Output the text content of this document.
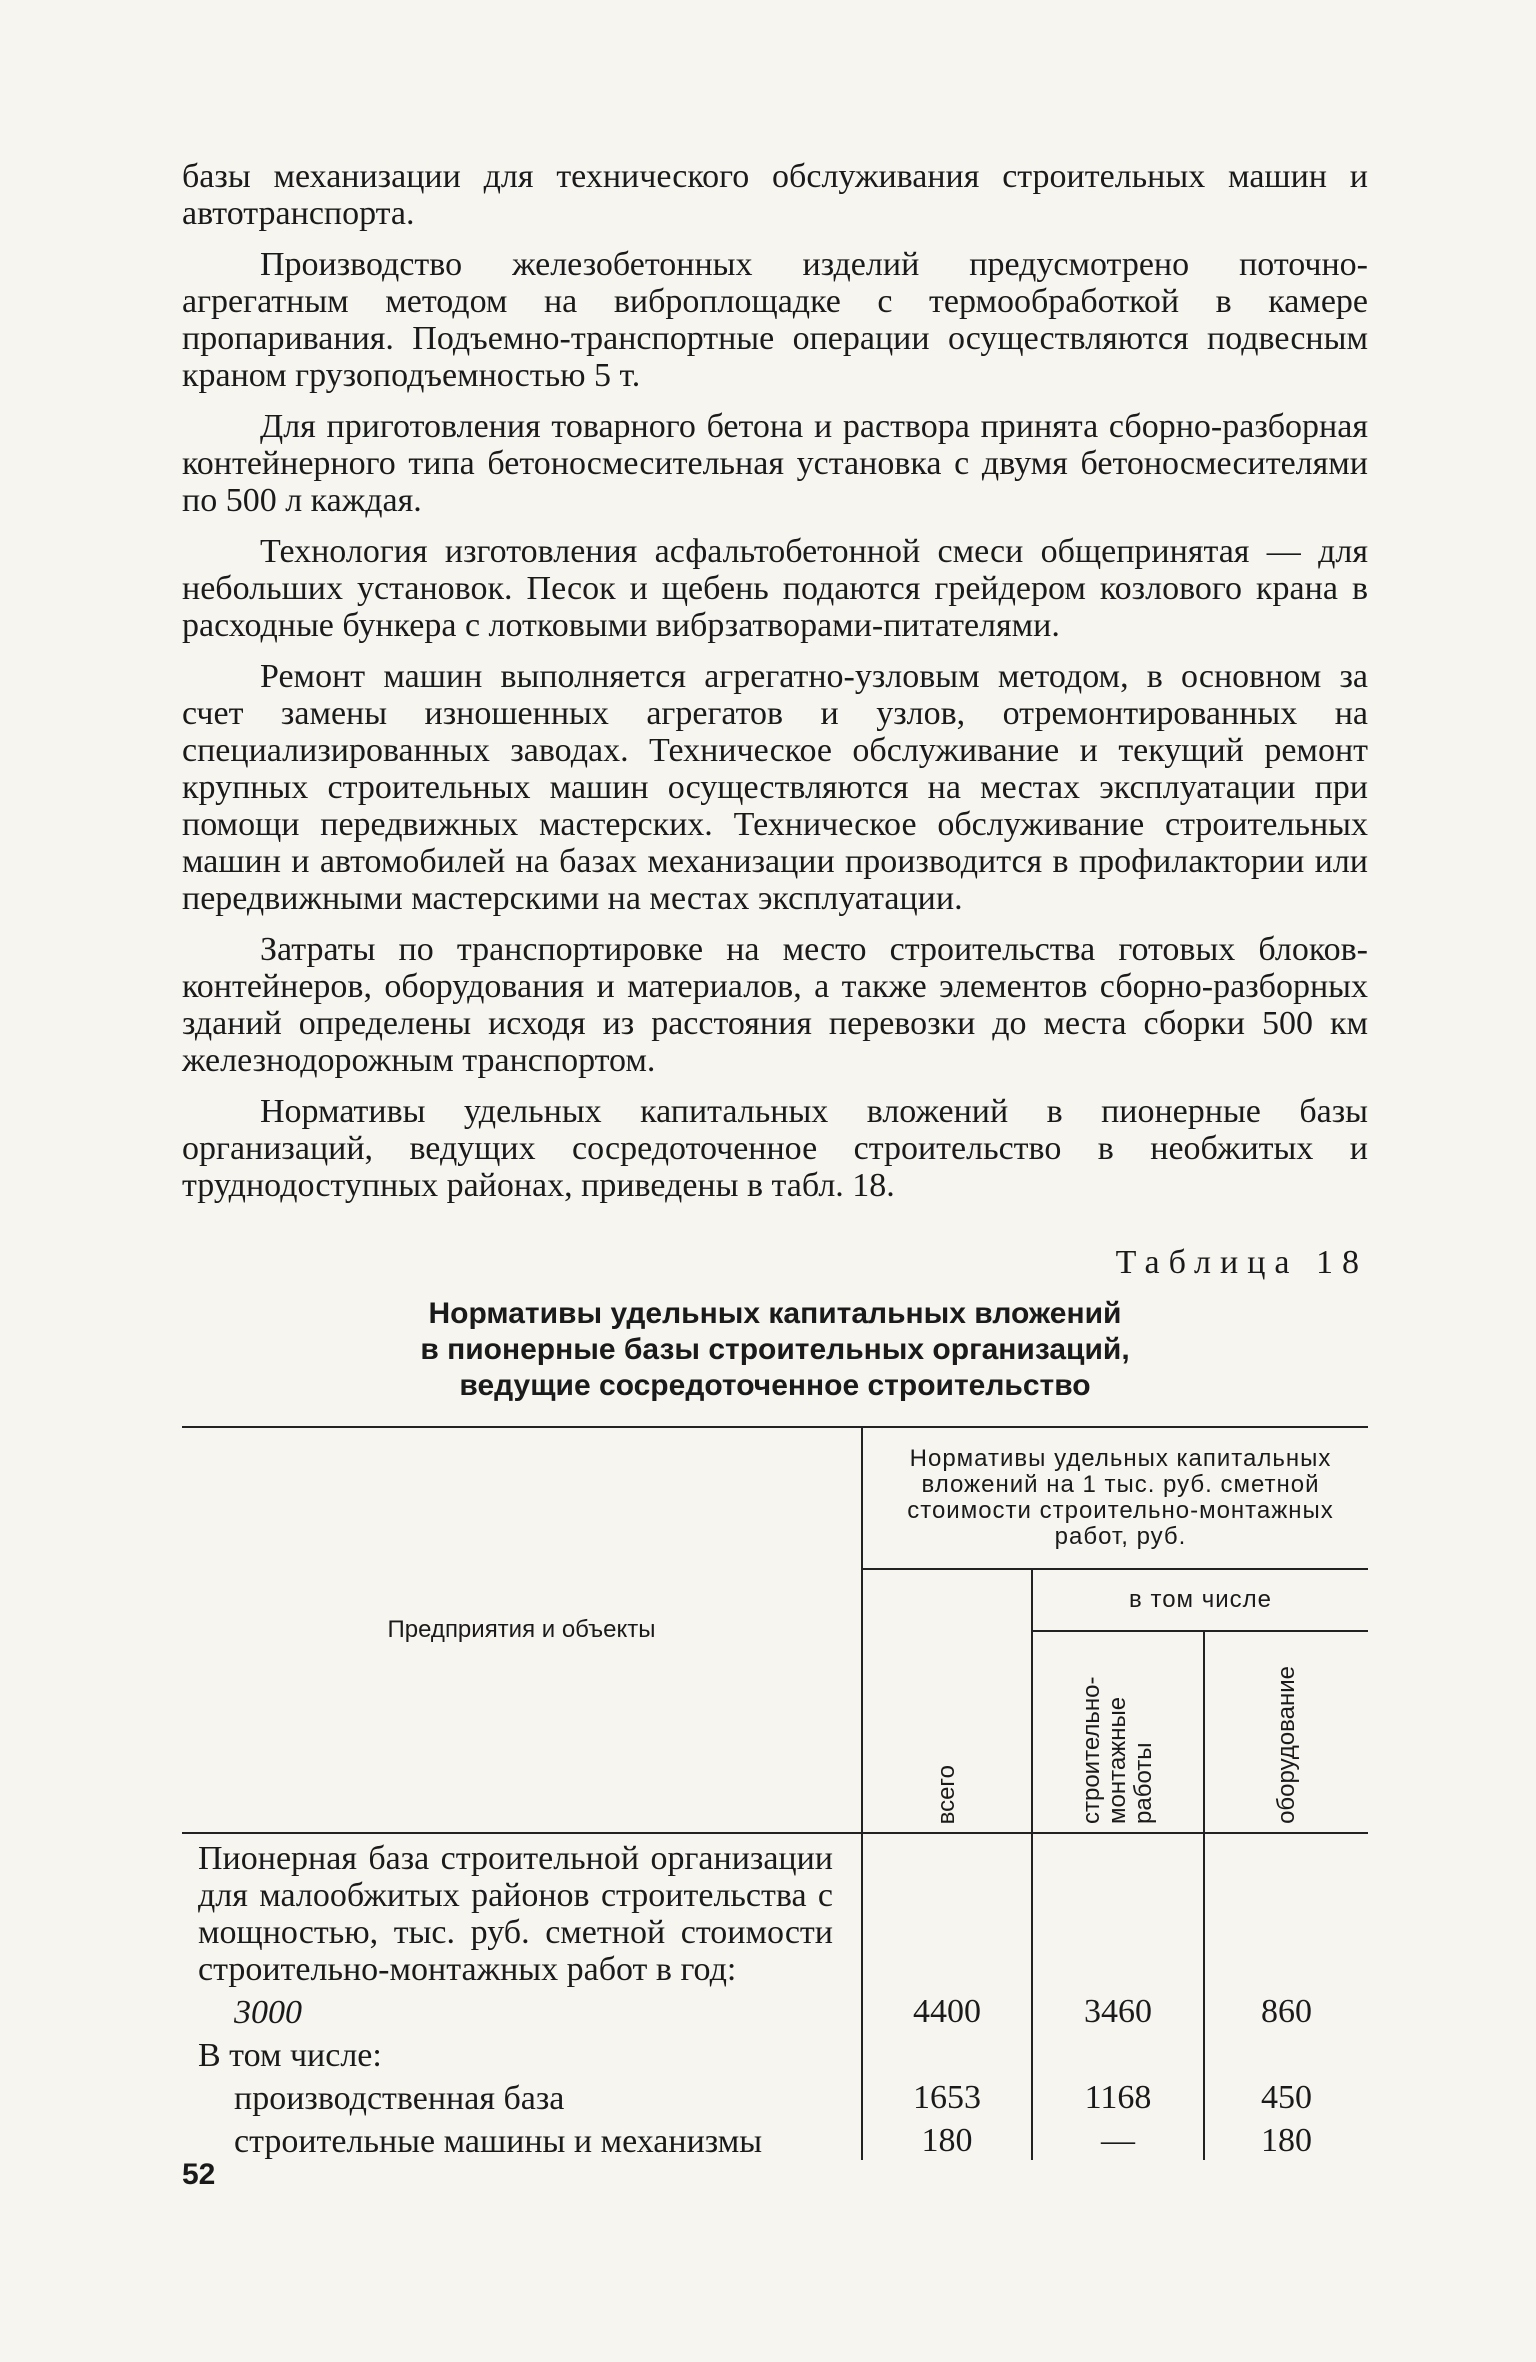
базы механизации для технического обслуживания строительных машин и автотранспорта.

Производство железобетонных изделий предусмотрено поточно-агрегатным методом на виброплощадке с термообработкой в камере пропаривания. Подъемно-транспортные операции осуществляются подвесным краном грузоподъемностью 5 т.

Для приготовления товарного бетона и раствора принята сборно-разборная контейнерного типа бетоносмесительная установка с двумя бетоносмесителями по 500 л каждая.

Технология изготовления асфальтобетонной смеси общепринятая — для небольших установок. Песок и щебень подаются грейдером козлового крана в расходные бункера с лотковыми вибрзатворами-питателями.

Ремонт машин выполняется агрегатно-узловым методом, в основном за счет замены изношенных агрегатов и узлов, отремонтированных на специализированных заводах. Техническое обслуживание и текущий ремонт крупных строительных машин осуществляются на местах эксплуатации при помощи передвижных мастерских. Техническое обслуживание строительных машин и автомобилей на базах механизации производится в профилактории или передвижными мастерскими на местах эксплуатации.

Затраты по транспортировке на место строительства готовых блоков-контейнеров, оборудования и материалов, а также элементов сборно-разборных зданий определены исходя из расстояния перевозки до места сборки 500 км железнодорожным транспортом.

Нормативы удельных капитальных вложений в пионерные базы организаций, ведущих сосредоточенное строительство в необжитых и труднодоступных районах, приведены в табл. 18.

Таблица 18
Нормативы удельных капитальных вложений
в пионерные базы строительных организаций,
ведущие сосредоточенное строительство
Предприятия и объекты	Нормативы удельных капитальных вложений на 1 тыс. руб. сметной стоимости строительно-монтажных работ, руб.		

	всего	в том числе	

		строительно-монтажные работы	оборудование

Пионерная база строительной организации для малообжитых районов строительства с мощностью, тыс. руб. сметной стоимости строительно-монтажных работ в год:			
3000	4400	3460	860
В том числе:			
производственная база	1653	1168	450
строительные машины и механизмы	180	—	180
52
